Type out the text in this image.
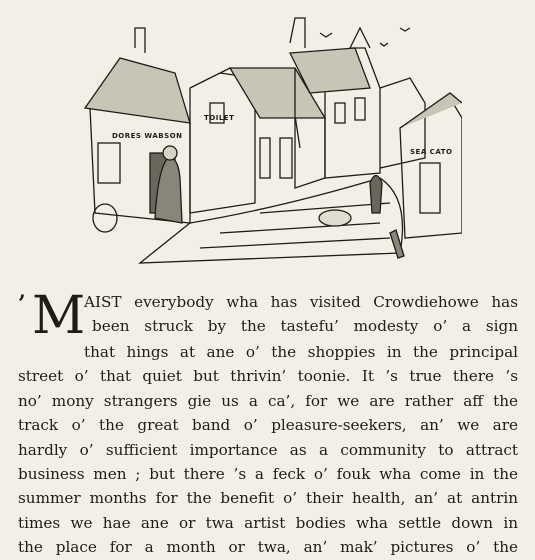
TOILET
DORES WABSON
SEA CATO
’ M AIST everybody wha has visited Crowdiehowe has
been struck by the tastefu’ modesty o’ a sign
that hings at ane o’ the shoppies in the principal
street o’ that quiet but thrivin’ toonie. It ’s true there ’s
no’ mony strangers gie us a ca’, for we are rather aff the
track o’ the great band o’ pleasure-seekers, an’ we are
hardly o’ sufficient importance as a community to attract
business men ; but there ’s a feck o’ fouk wha come in the
summer months for the benefit o’ their health, an’ at antrin
times we hae ane or twa artist bodies wha settle down in
the place for a month or twa, an’ mak’ pictures o’ the
